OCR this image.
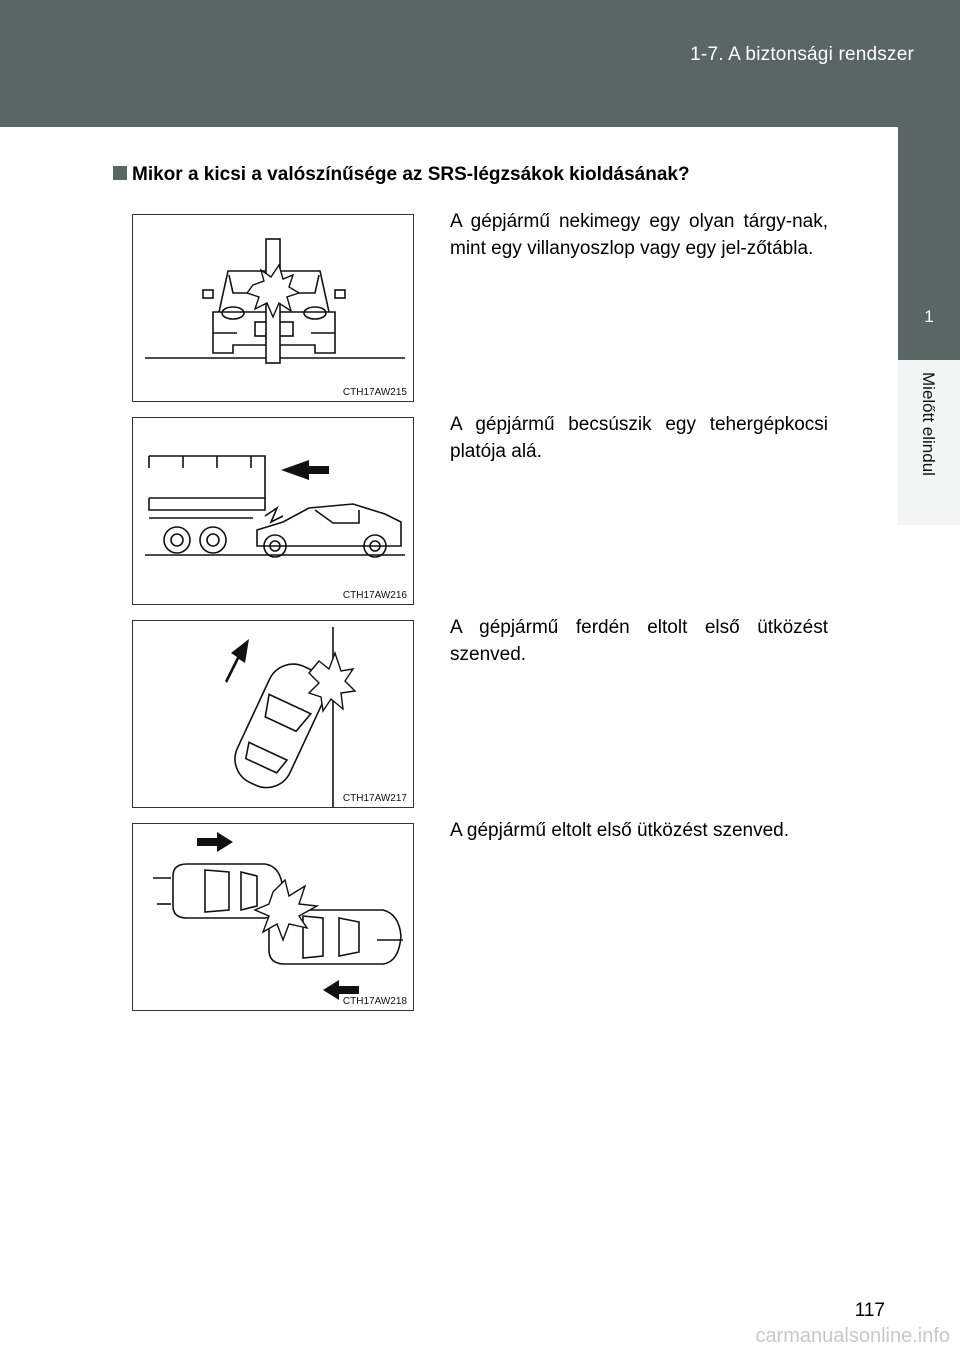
1-7. A biztonsági rendszer
1
Mielőtt elindul
Mikor a kicsi a valószínűsége az SRS-légzsákok kioldásának?
CTH17AW215
A gépjármű nekimegy egy olyan tárgy-nak, mint egy villanyoszlop vagy egy jel-zőtábla.
CTH17AW216
A gépjármű becsúszik egy tehergépkocsi platója alá.
CTH17AW217
A gépjármű ferdén eltolt első ütközést szenved.
CTH17AW218
A gépjármű eltolt első ütközést szenved.
117
carmanualsonline.info
